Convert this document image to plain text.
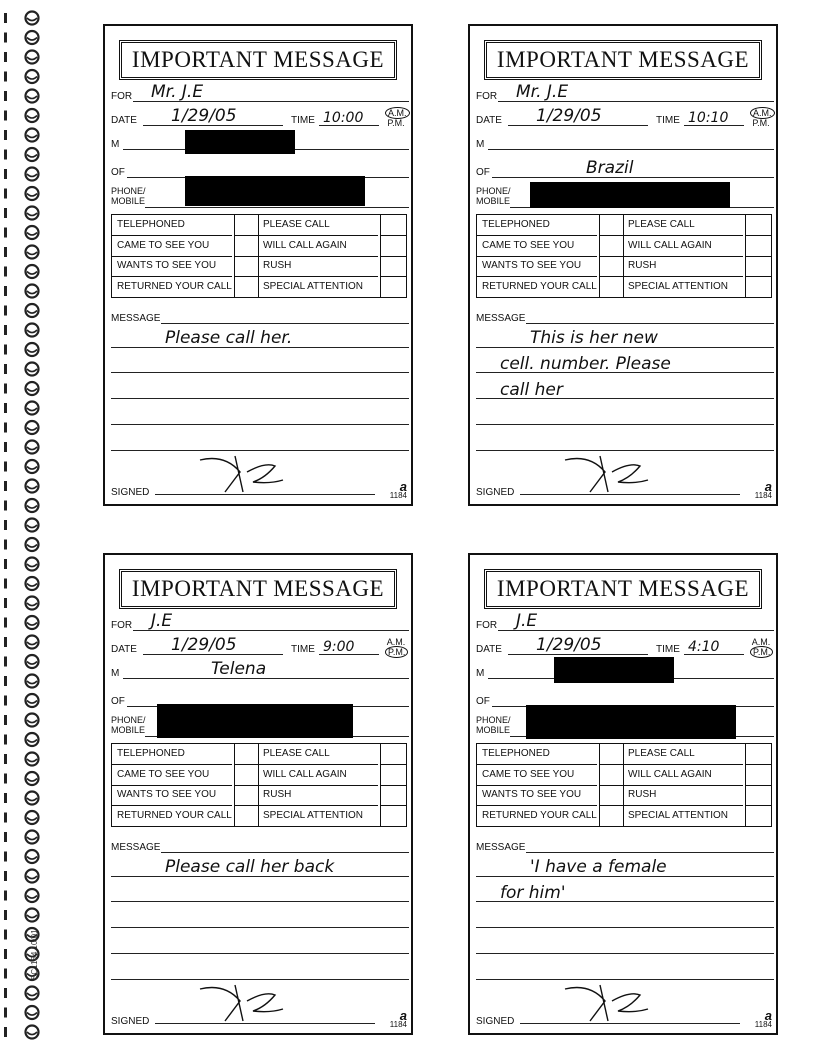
SC1184 10/01
IMPORTANT MESSAGE
FOR Mr. J.E
DATE 1/29/05	TIME 10:00	A.M.
P.M.
M
OF
PHONE/
MOBILE
TELEPHONED	PLEASE CALL
CAME TO SEE YOU	WILL CALL AGAIN
WANTS TO SEE YOU	RUSH
RETURNED YOUR CALL	SPECIAL ATTENTION
MESSAGE
Please call her.
SIGNED	a
1184
IMPORTANT MESSAGE
FOR Mr. J.E
DATE 1/29/05	TIME 10:10	A.M.
P.M.
M
OF	Brazil
PHONE/
MOBILE
TELEPHONED	PLEASE CALL
CAME TO SEE YOU	WILL CALL AGAIN
WANTS TO SEE YOU	RUSH
RETURNED YOUR CALL	SPECIAL ATTENTION
MESSAGE
This is her new
cell. number. Please
call her
SIGNED	a
1184
IMPORTANT MESSAGE
FOR J.E
DATE 1/29/05	TIME 9:00	A.M.
P.M.
M	Telena
OF
PHONE/
MOBILE
TELEPHONED	PLEASE CALL
CAME TO SEE YOU	WILL CALL AGAIN
WANTS TO SEE YOU	RUSH
RETURNED YOUR CALL	SPECIAL ATTENTION
MESSAGE
Please call her back
SIGNED	a
1184
IMPORTANT MESSAGE
FOR J.E
DATE 1/29/05	TIME 4:10	A.M.
P.M.
M
OF
PHONE/
MOBILE
TELEPHONED	PLEASE CALL
CAME TO SEE YOU	WILL CALL AGAIN
WANTS TO SEE YOU	RUSH
RETURNED YOUR CALL	SPECIAL ATTENTION
MESSAGE
'I have a female
for him'
SIGNED	a
1184
